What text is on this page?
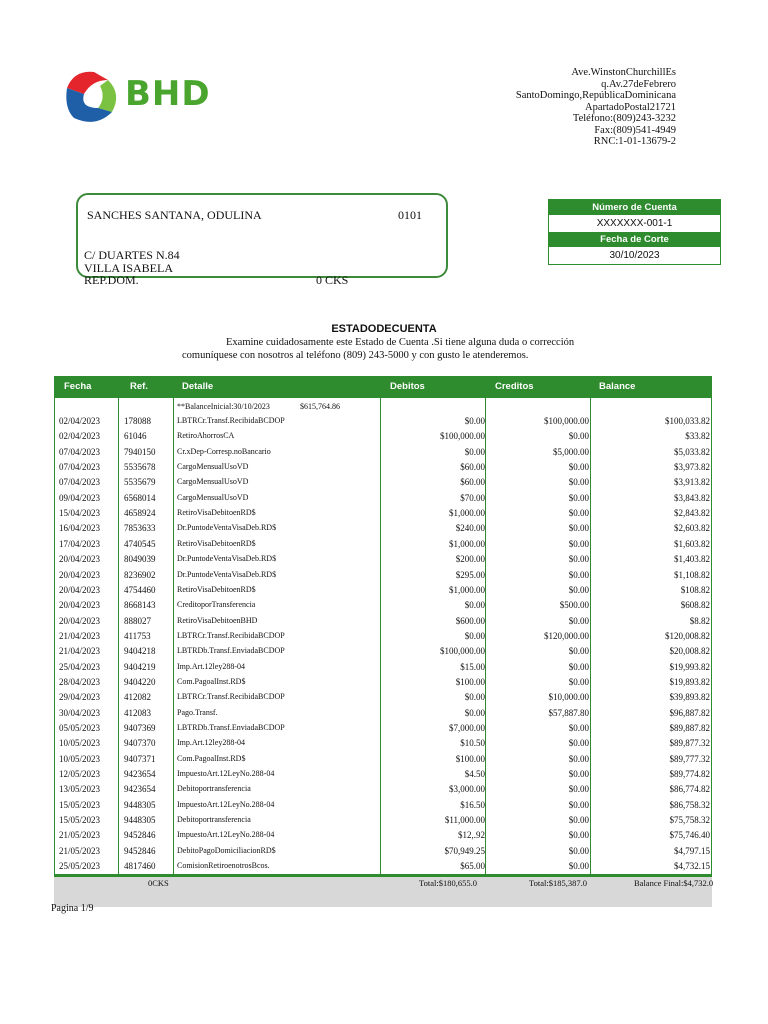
BHD
Ave.WinstonChurchillEs
q.Av.27deFebrero
SantoDomingo,RepúblicaDominicana
ApartadoPostal21721
Teléfono:(809)243-3232
Fax:(809)541-4949
RNC:1-01-13679-2
SANCHES SANTANA, ODULINA	0101
C/ DUARTES N.84
VILLA ISABELA
REP.DOM.	0 CKS
Número de Cuenta
XXXXXXX-001-1
Fecha de Corte
30/10/2023
ESTADODECUENTA
Examine cuidadosamente este Estado de Cuenta .Si tiene alguna duda o corrección
comuníquese con nosotros al teléfono (809) 243-5000 y con gusto le atenderemos.
Fecha	Ref.	Detalle	Debitos	Creditos	Balance
**BalanceInicial:30/10/2023	$615,764.86
02/04/2023	178088	LBTRCr.Transf.RecibidaBCDOP	$0.00	$100,000.00	$100,033.82
02/04/2023	61046	RetiroAhorrosCA	$100,000.00	$0.00	$33.82
07/04/2023	7940150	Cr.xDep-Corresp.noBancario	$0.00	$5,000.00	$5,033.82
07/04/2023	5535678	CargoMensualUsoVD	$60.00	$0.00	$3,973.82
07/04/2023	5535679	CargoMensualUsoVD	$60.00	$0.00	$3,913.82
09/04/2023	6568014	CargoMensualUsoVD	$70.00	$0.00	$3,843.82
15/04/2023	4658924	RetiroVisaDebitoenRD$	$1,000.00	$0.00	$2,843.82
16/04/2023	7853633	Dr.PuntodeVentaVisaDeb.RD$	$240.00	$0.00	$2,603.82
17/04/2023	4740545	RetiroVisaDebitoenRD$	$1,000.00	$0.00	$1,603.82
20/04/2023	8049039	Dr.PuntodeVentaVisaDeb.RD$	$200.00	$0.00	$1,403.82
20/04/2023	8236902	Dr.PuntodeVentaVisaDeb.RD$	$295.00	$0.00	$1,108.82
20/04/2023	4754460	RetiroVisaDebitoenRD$	$1,000.00	$0.00	$108.82
20/04/2023	8668143	CreditoporTransferencia	$0.00	$500.00	$608.82
20/04/2023	888027	RetiroVisaDebitoenBHD	$600.00	$0.00	$8.82
21/04/2023	411753	LBTRCr.Transf.RecibidaBCDOP	$0.00	$120,000.00	$120,008.82
21/04/2023	9404218	LBTRDb.Transf.EnviadaBCDOP	$100,000.00	$0.00	$20,008.82
25/04/2023	9404219	Imp.Art.12ley288-04	$15.00	$0.00	$19,993.82
28/04/2023	9404220	Com.PagoalInst.RD$	$100.00	$0.00	$19,893.82
29/04/2023	412082	LBTRCr.Transf.RecibidaBCDOP	$0.00	$10,000.00	$39,893.82
30/04/2023	412083	Pago.Transf.	$0.00	$57,887.80	$96,887.82
05/05/2023	9407369	LBTRDb.Transf.EnviadaBCDOP	$7,000.00	$0.00	$89,887.82
10/05/2023	9407370	Imp.Art.12ley288-04	$10.50	$0.00	$89,877.32
10/05/2023	9407371	Com.PagoalInst.RD$	$100.00	$0.00	$89,777.32
12/05/2023	9423654	ImpuestoArt.12LeyNo.288-04	$4.50	$0.00	$89,774.82
13/05/2023	9423654	Debitoportransferencia	$3,000.00	$0.00	$86,774.82
15/05/2023	9448305	ImpuestoArt.12LeyNo.288-04	$16.50	$0.00	$86,758.32
15/05/2023	9448305	Debitoportransferencia	$11,000.00	$0.00	$75,758.32
21/05/2023	9452846	ImpuestoArt.12LeyNo.288-04	$12,.92	$0.00	$75,746.40
21/05/2023	9452846	DebitoPagoDomiciliacionRD$	$70,949.25	$0.00	$4,797.15
25/05/2023	4817460	ComisionRetiroenotrosBcos.	$65.00	$0.00	$4,732.15
0CKS	Total:$180,655.0	Total:$185,387.0	Balance Final:$4,732.0
Pagina 1/9
